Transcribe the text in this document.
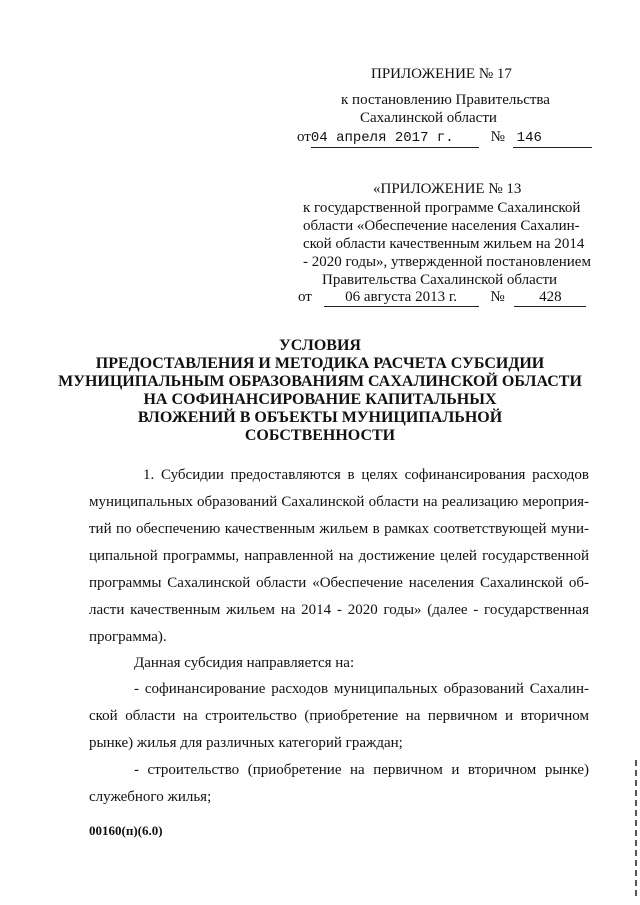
ПРИЛОЖЕНИЕ № 17
к постановлению Правительства
Сахалинской области
от04 апреля 2017 г. № 146
«ПРИЛОЖЕНИЕ № 13
к государственной программе Сахалинской
области «Обеспечение населения Сахалин-
ской области качественным жильем на 2014
- 2020 годы», утвержденной постановлением
Правительства Сахалинской области
от 06 августа 2013 г. № 428
УСЛОВИЯ
ПРЕДОСТАВЛЕНИЯ И МЕТОДИКА РАСЧЕТА СУБСИДИИ
МУНИЦИПАЛЬНЫМ ОБРАЗОВАНИЯМ САХАЛИНСКОЙ ОБЛАСТИ
НА СОФИНАНСИРОВАНИЕ КАПИТАЛЬНЫХ
ВЛОЖЕНИЙ В ОБЪЕКТЫ МУНИЦИПАЛЬНОЙ
СОБСТВЕННОСТИ
1. Субсидии предоставляются в целях софинансирования расходов
муниципальных образований Сахалинской области на реализацию мероприя-
тий по обеспечению качественным жильем в рамках соответствующей муни-
ципальной программы, направленной на достижение целей государственной
программы Сахалинской области «Обеспечение населения Сахалинской об-
ласти качественным жильем на 2014 - 2020 годы» (далее - государственная
программа).
Данная субсидия направляется на:
- софинансирование расходов муниципальных образований Сахалин-
ской области на строительство (приобретение на первичном и вторичном
рынке) жилья для различных категорий граждан;
- строительство (приобретение на первичном и вторичном рынке)
служебного жилья;
00160(п)(6.0)
